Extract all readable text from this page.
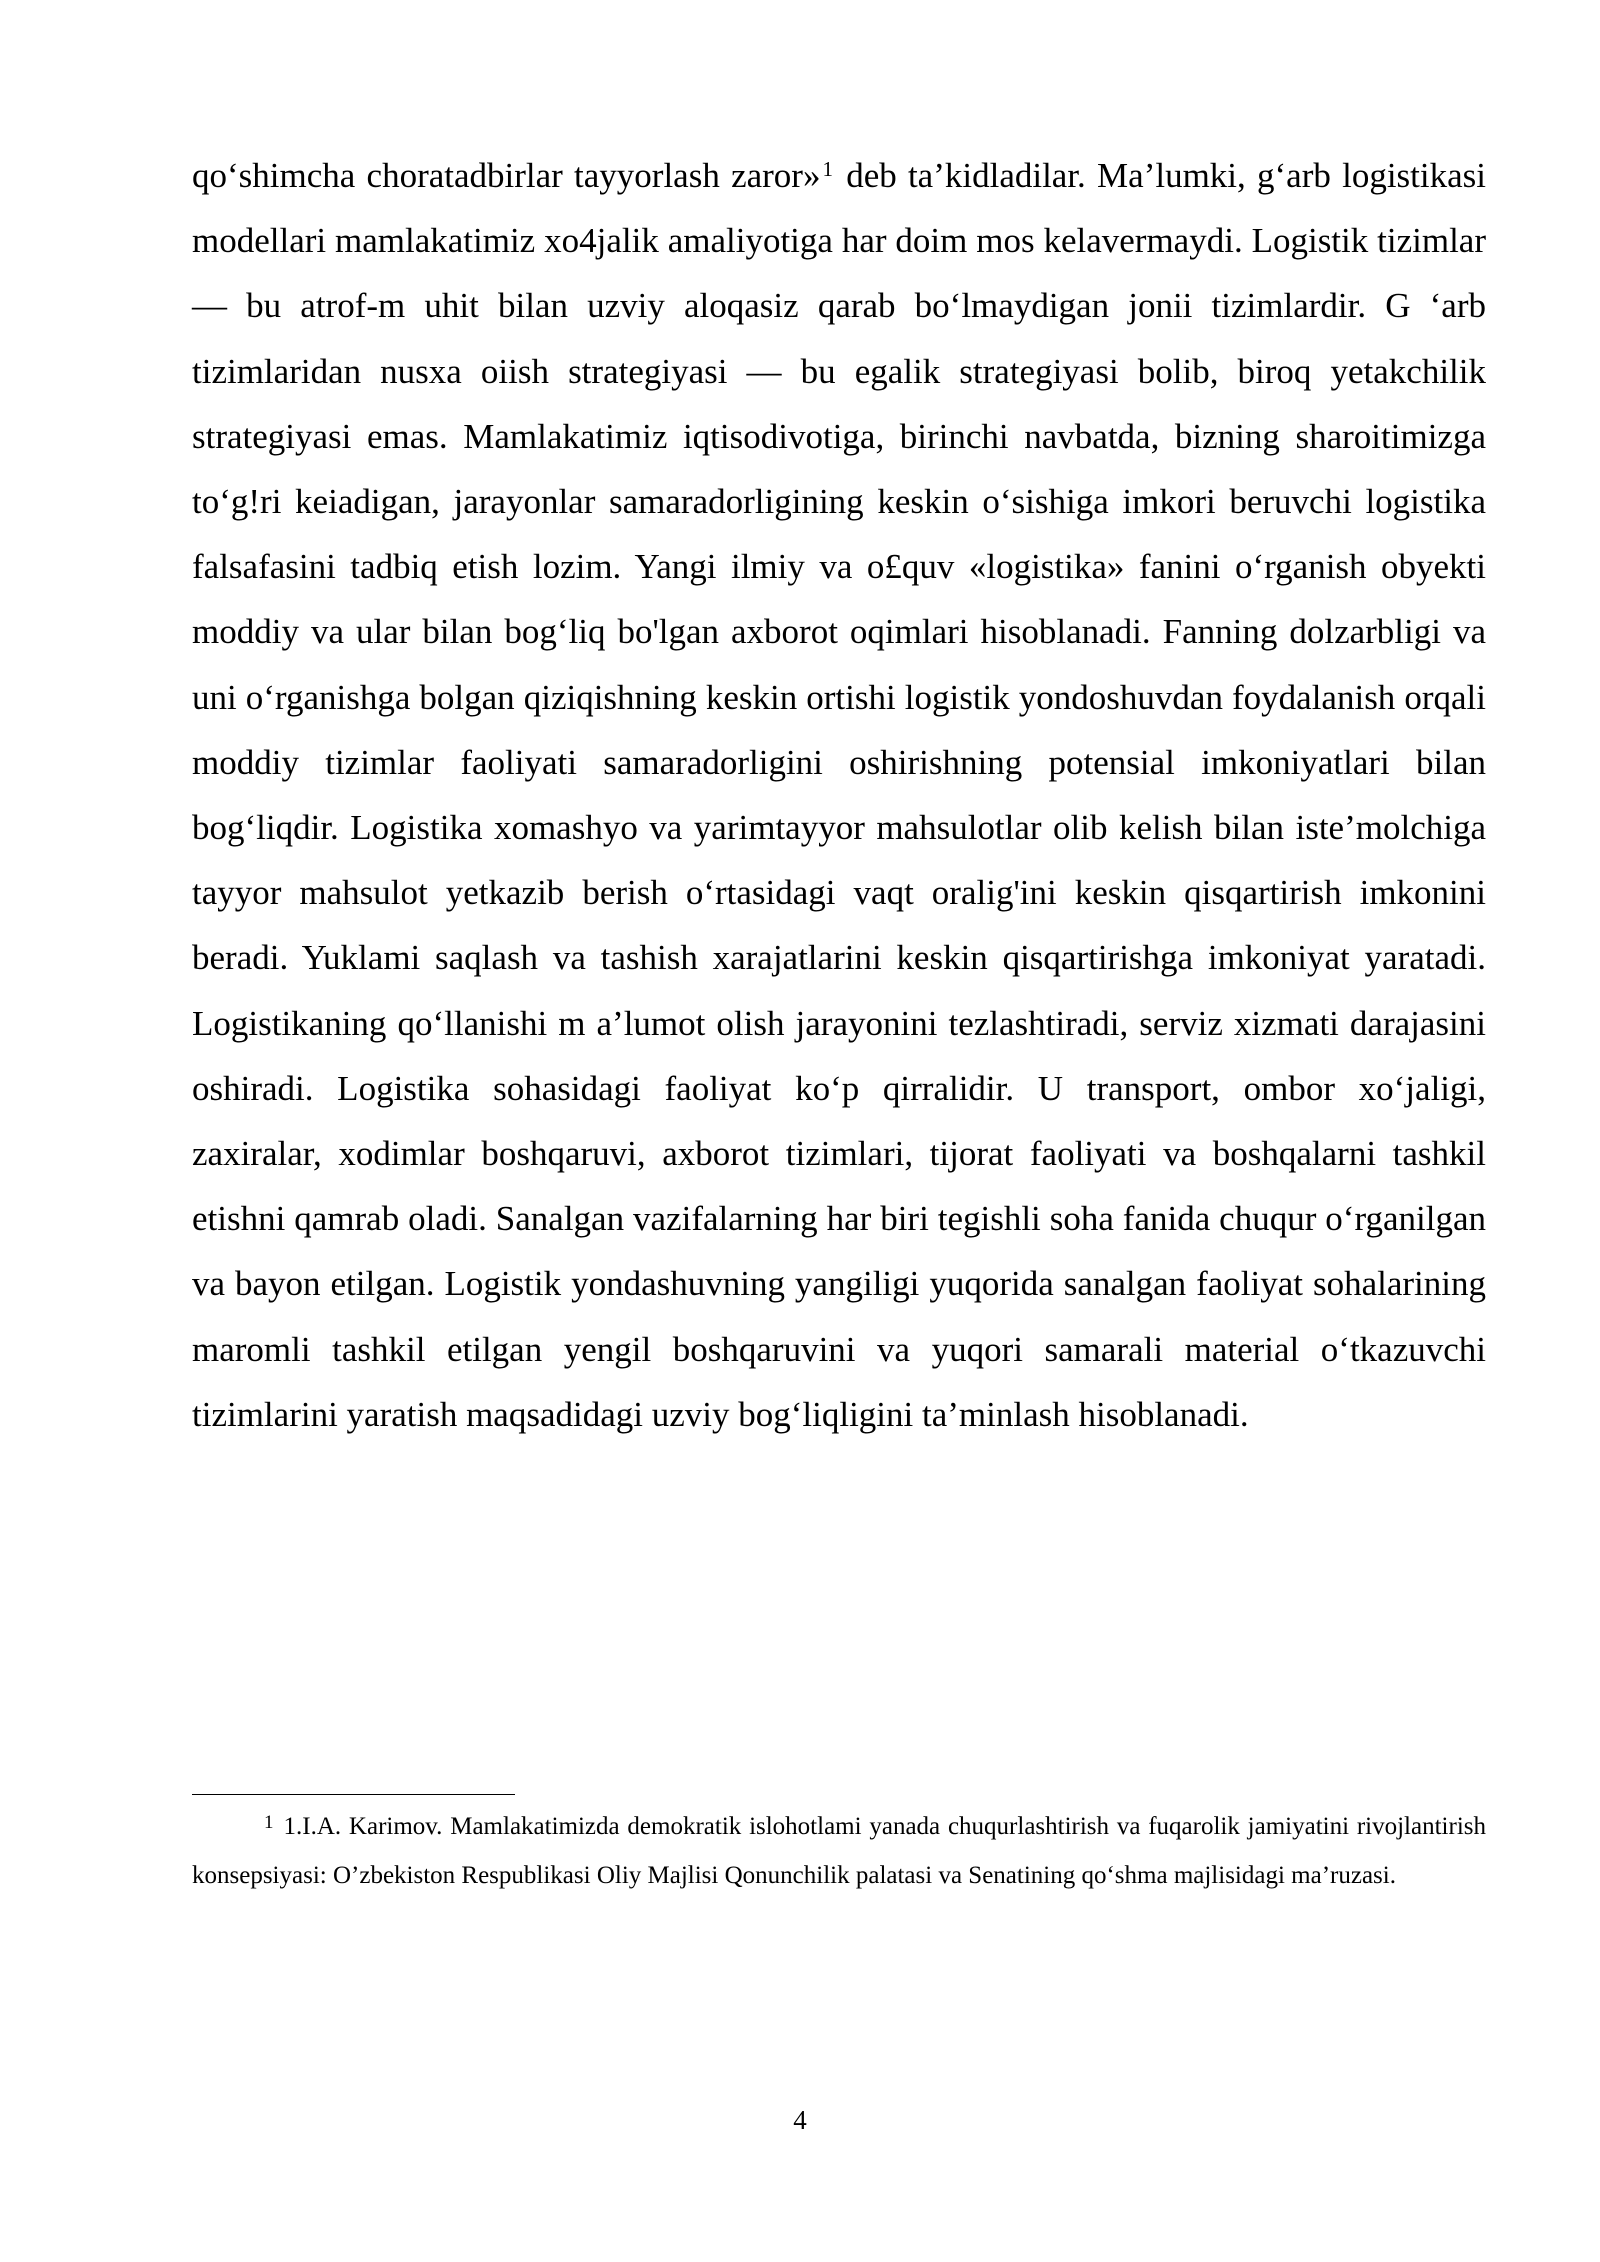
qo‘shimcha choratadbirlar tayyorlash zaror»$^1$ deb ta’kidladilar. Ma’lumki, g‘arb logistikasi modellari mamlakatimiz xo4jalik amaliyotiga har doim mos kelavermaydi. Logistik tizimlar — bu atrof-m uhit bilan uzviy aloqasiz qarab bo‘lmaydigan jonii tizimlardir. G ‘arb tizimlaridan nusxa oiish strategiyasi — bu egalik strategiyasi bolib, biroq yetakchilik strategiyasi emas. Mamlakatimiz iqtisodivotiga, birinchi navbatda, bizning sharoitimizga to‘g!ri keiadigan, jarayonlar samaradorligining keskin o‘sishiga imkori beruvchi logistika falsafasini tadbiq etish lozim. Yangi ilmiy va o£quv «logistika» fanini o‘rganish obyekti moddiy va ular bilan bog‘liq bo'lgan axborot oqimlari hisoblanadi. Fanning dolzarbligi va uni o‘rganishga bolgan qiziqishning keskin ortishi logistik yondoshuvdan foydalanish orqali moddiy tizimlar faoliyati samaradorligini oshirishning potensial imkoniyatlari bilan bog‘liqdir. Logistika xomashyo va yarimtayyor mahsulotlar olib kelish bilan iste’molchiga tayyor mahsulot yetkazib berish o‘rtasidagi vaqt oralig'ini keskin qisqartirish imkonini beradi. Yuklami saqlash va tashish xarajatlarini keskin qisqartirishga imkoniyat yaratadi. Logistikaning qo‘llanishi m a’lumot olish jarayonini tezlashtiradi, serviz xizmati darajasini oshiradi. Logistika sohasidagi faoliyat ko‘p qirralidir. U transport, ombor xo‘jaligi, zaxiralar, xodimlar boshqaruvi, axborot tizimlari, tijorat faoliyati va boshqalarni tashkil etishni qamrab oladi. Sanalgan vazifalarning har biri tegishli soha fanida chuqur o‘rganilgan va bayon etilgan. Logistik yondashuvning yangiligi yuqorida sanalgan faoliyat sohalarining maromli tashkil etilgan yengil boshqaruvini va yuqori samarali material o‘tkazuvchi tizimlarini yaratish maqsadidagi uzviy bog‘liqligini ta’minlash hisoblanadi.

$^1$ 1.I.A. Karimov. Mamlakatimizda demokratik islohotlami yanada chuqurlashtirish va fuqarolik jamiyatini rivojlantirish konsepsiyasi: O’zbekiston Respublikasi Oliy Majlisi Qonunchilik palatasi va Senatining qo‘shma majlisidagi ma’ruzasi.

4
